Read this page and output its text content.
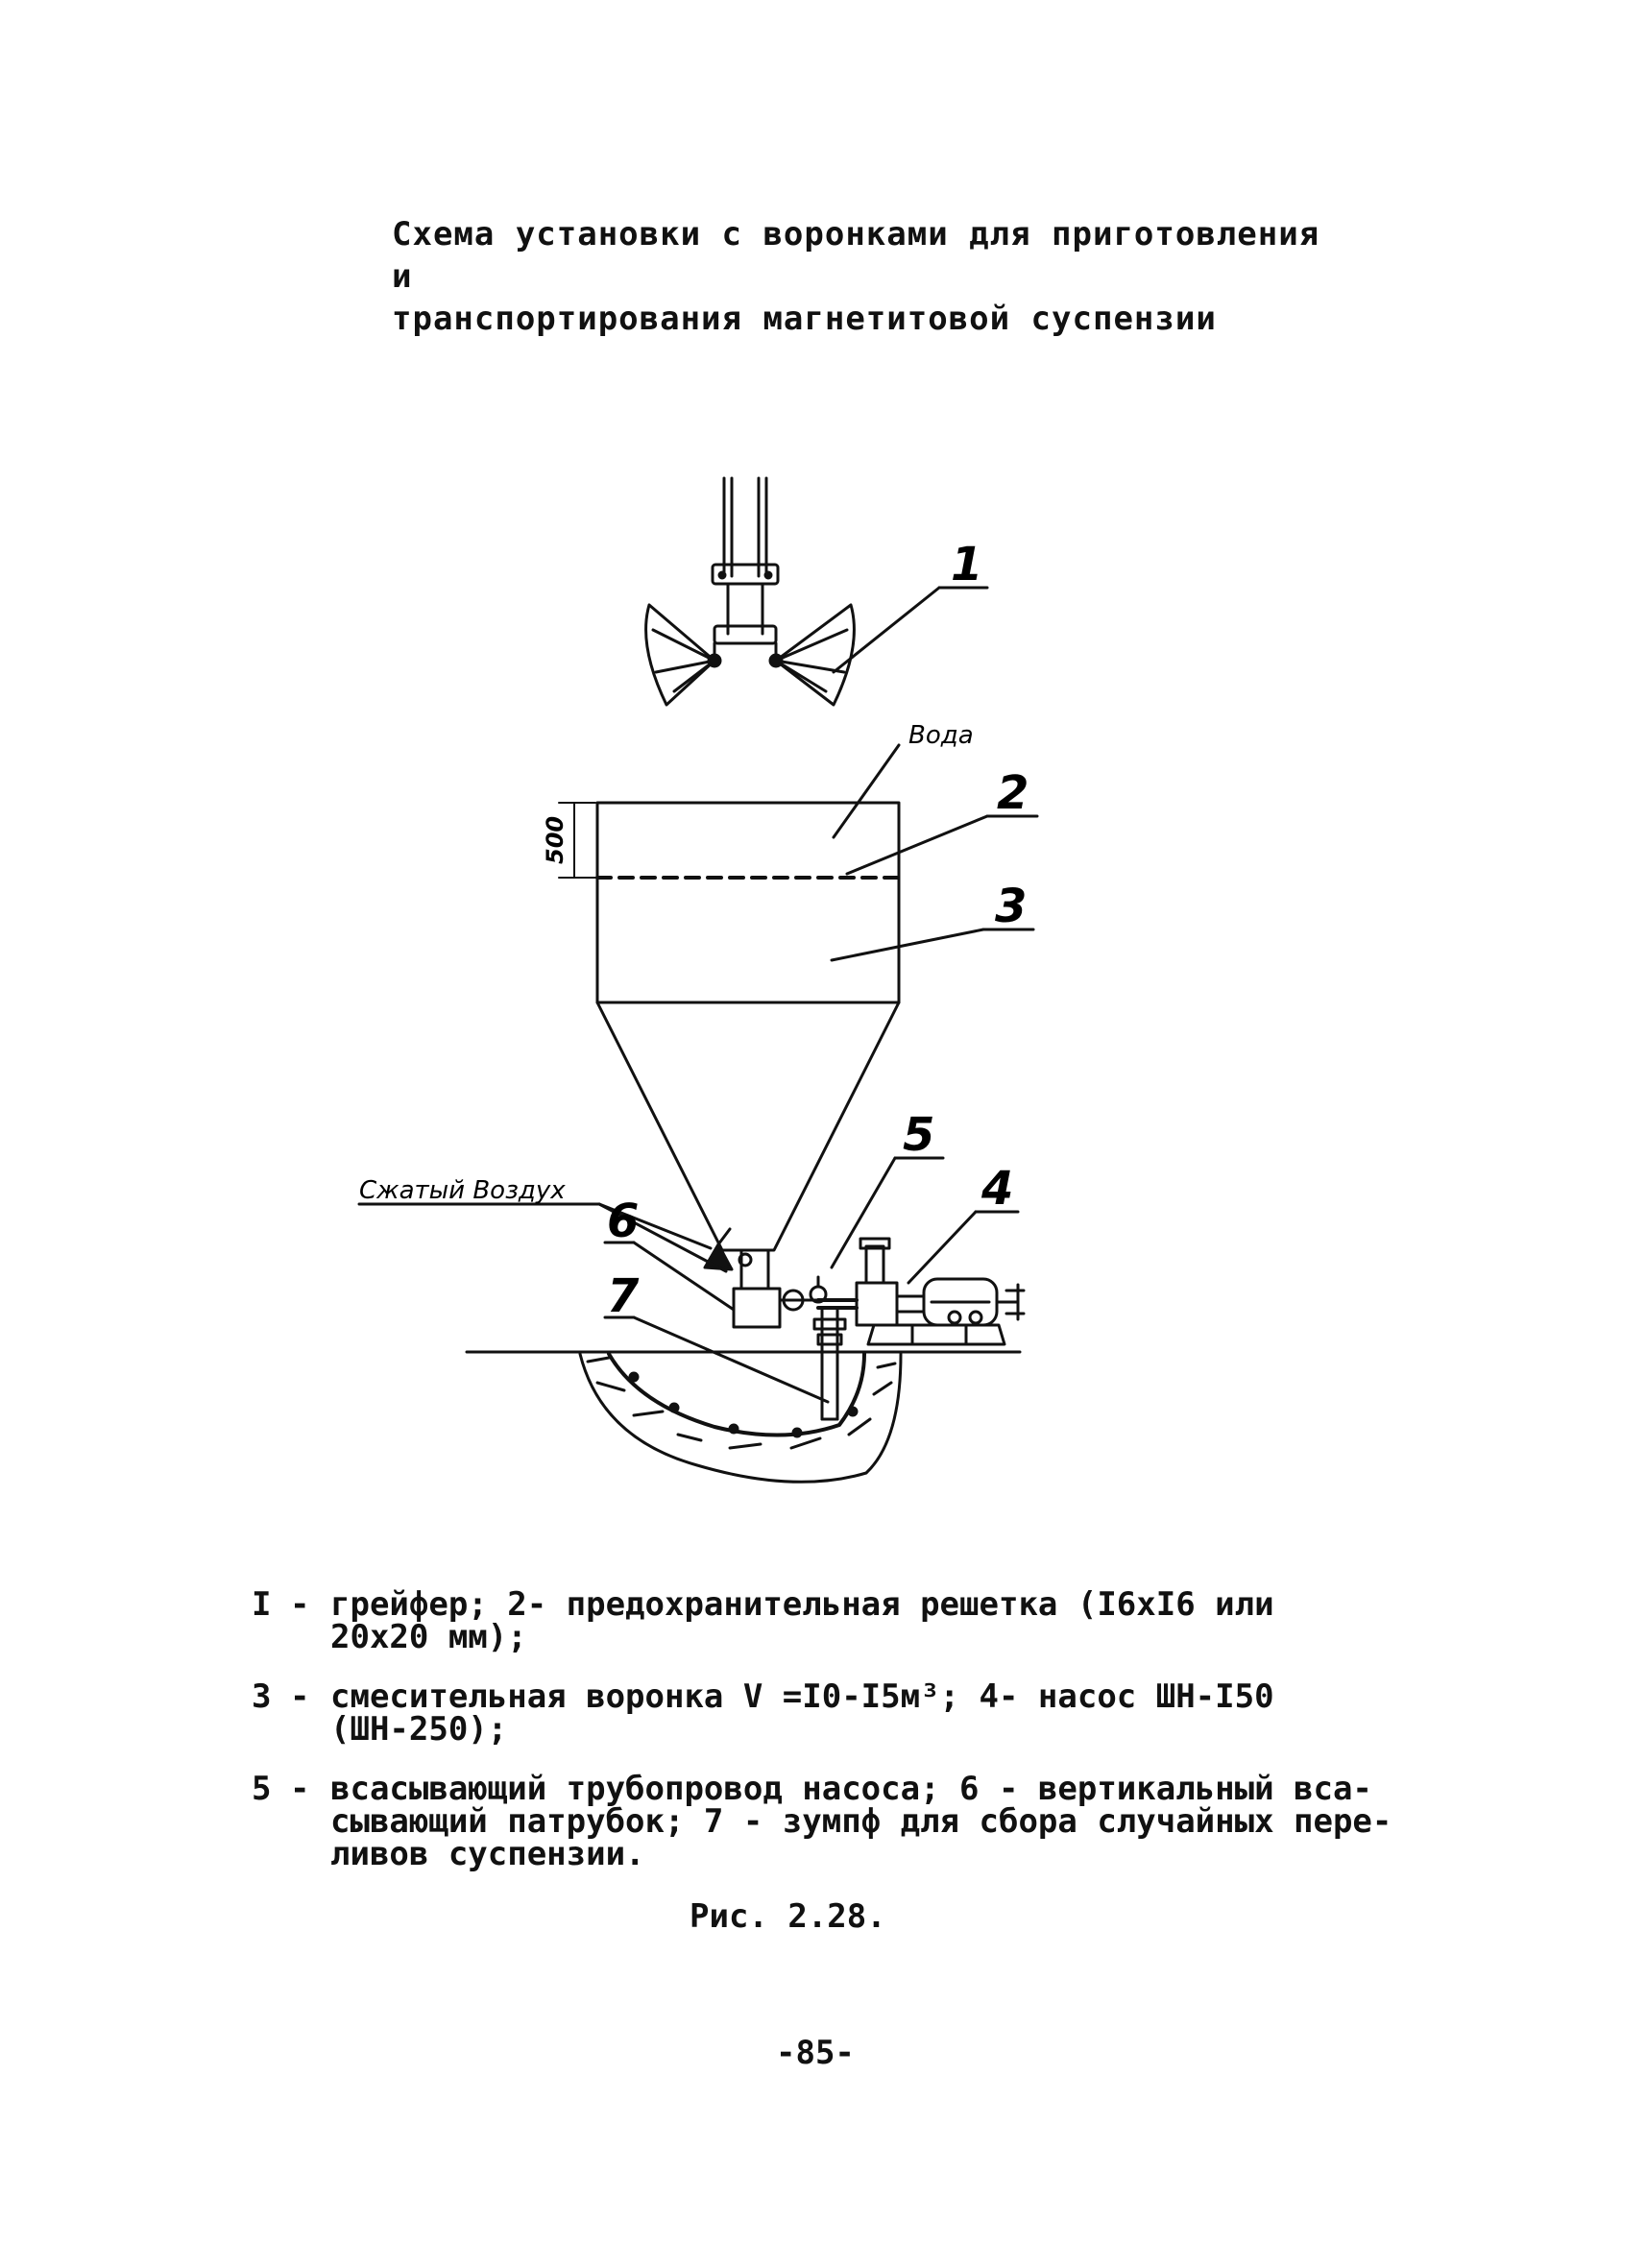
Схема установки с воронками для приготовления и
транспортирования магнетитовой суспензии
1
Вода
2
3
5
4
Сжатый Воздух
6
7
500
I - грейфер; 2- предохранительная решетка (I6хI6 или
20х20 мм);
3 - смесительная воронка V =I0-I5м³; 4- насос ШН-I50
(ШН-250);
5 - всасывающий трубопровод насоса; 6 - вертикальный вса-
сывающий патрубок; 7 - зумпф для сбора случайных пере-
ливов суспензии.
Рис. 2.28.
-85-
